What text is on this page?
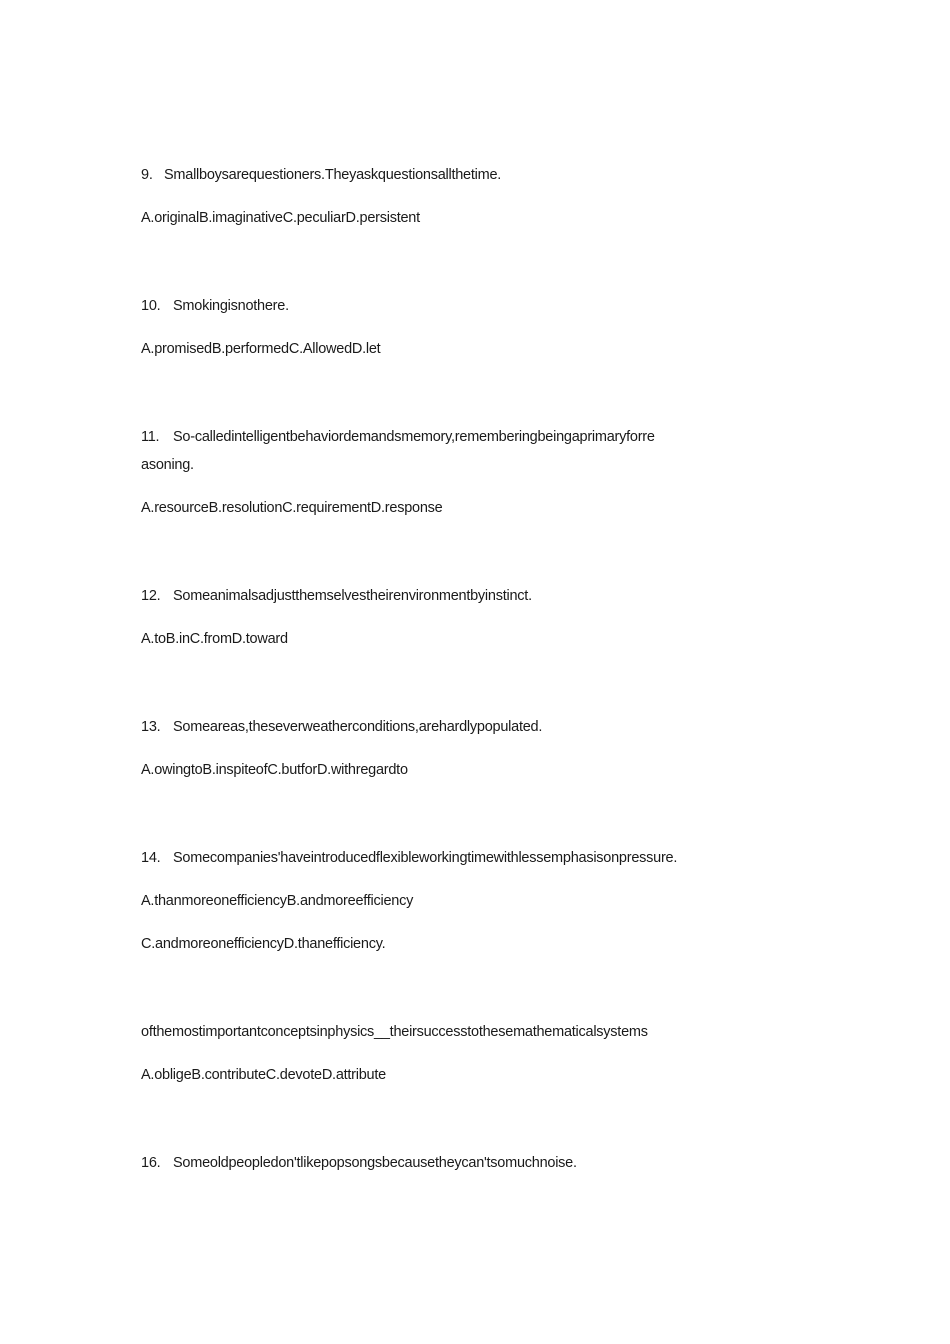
9. Smallboysarequestioners.Theyaskquestionsallthetime.
A.originalB.imaginativeC.peculiarD.persistent
10. Smokingisnothere.
A.promisedB.performedC.AllowedD.let
11. So-calledintelligentbehaviordemandsmemory,rememberingbeingaprimaryforre
asoning.
A.resourceB.resolutionC.requirementD.response
12. Someanimalsadjustthemselvestheirenvironmentbyinstinct.
A.toB.inC.fromD.toward
13. Someareas,theseverweatherconditions,arehardlypopulated.
A.owingtoB.inspiteofC.butforD.withregardto
14. Somecompanies'haveintroducedflexibleworkingtimewithlessemphasisonpressure.
A.thanmoreonefficiencyB.andmoreefficiency
C.andmoreonefficiencyD.thanefficiency.
ofthemostimportantconceptsinphysics__theirsuccesstothesemathematicalsystems
A.obligeB.contributeC.devoteD.attribute
16. Someoldpeopledon'tlikepopsongsbecausetheycan'tsomuchnoise.
